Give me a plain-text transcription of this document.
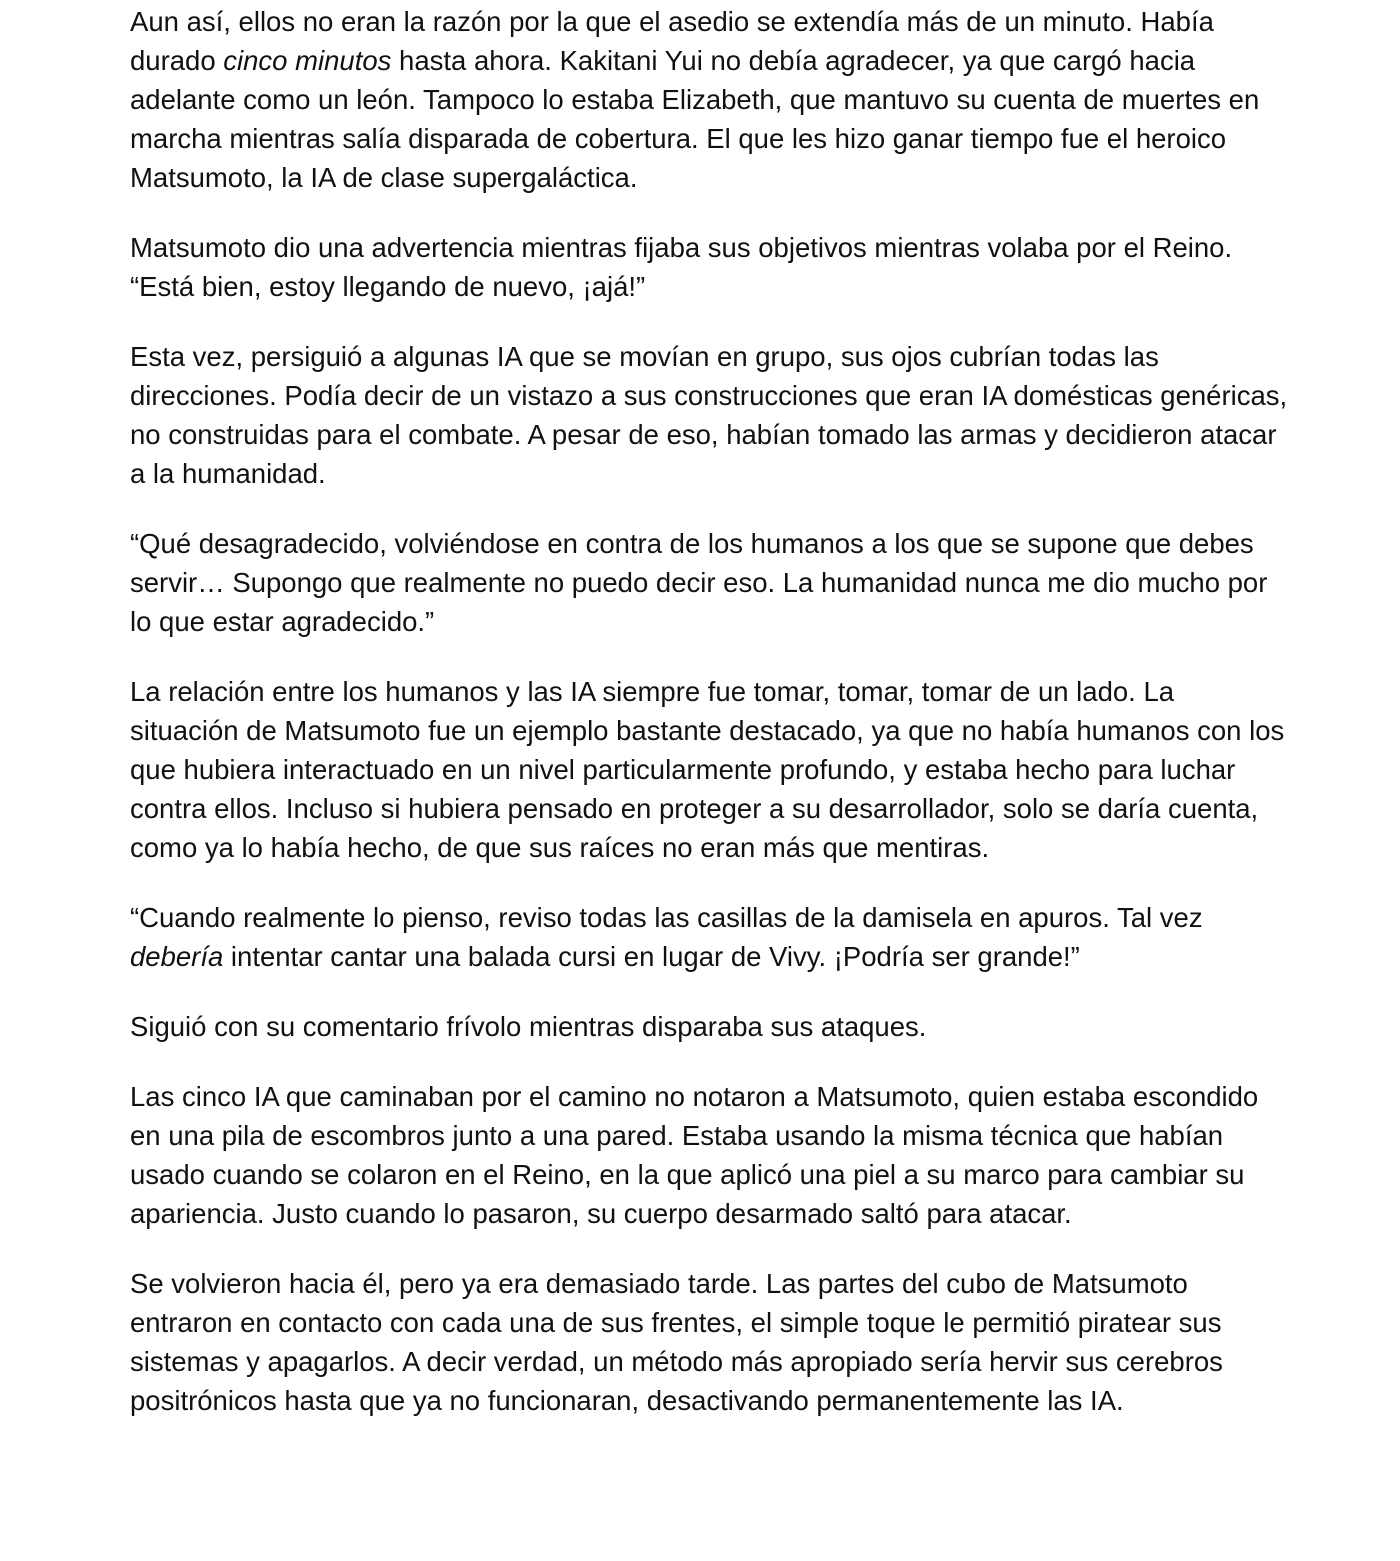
Aun así, ellos no eran la razón por la que el asedio se extendía más de un minuto. Había durado cinco minutos hasta ahora. Kakitani Yui no debía agradecer, ya que cargó hacia adelante como un león. Tampoco lo estaba Elizabeth, que mantuvo su cuenta de muertes en marcha mientras salía disparada de cobertura. El que les hizo ganar tiempo fue el heroico Matsumoto, la IA de clase supergaláctica.

Matsumoto dio una advertencia mientras fijaba sus objetivos mientras volaba por el Reino. “Está bien, estoy llegando de nuevo, ¡ajá!”

Esta vez, persiguió a algunas IA que se movían en grupo, sus ojos cubrían todas las direcciones. Podía decir de un vistazo a sus construcciones que eran IA domésticas genéricas, no construidas para el combate. A pesar de eso, habían tomado las armas y decidieron atacar a la humanidad.

“Qué desagradecido, volviéndose en contra de los humanos a los que se supone que debes servir… Supongo que realmente no puedo decir eso. La humanidad nunca me dio mucho por lo que estar agradecido.”

La relación entre los humanos y las IA siempre fue tomar, tomar, tomar de un lado. La situación de Matsumoto fue un ejemplo bastante destacado, ya que no había humanos con los que hubiera interactuado en un nivel particularmente profundo, y estaba hecho para luchar contra ellos. Incluso si hubiera pensado en proteger a su desarrollador, solo se daría cuenta, como ya lo había hecho, de que sus raíces no eran más que mentiras.

“Cuando realmente lo pienso, reviso todas las casillas de la damisela en apuros. Tal vez debería intentar cantar una balada cursi en lugar de Vivy. ¡Podría ser grande!”

Siguió con su comentario frívolo mientras disparaba sus ataques.

Las cinco IA que caminaban por el camino no notaron a Matsumoto, quien estaba escondido en una pila de escombros junto a una pared. Estaba usando la misma técnica que habían usado cuando se colaron en el Reino, en la que aplicó una piel a su marco para cambiar su apariencia. Justo cuando lo pasaron, su cuerpo desarmado saltó para atacar.

Se volvieron hacia él, pero ya era demasiado tarde. Las partes del cubo de Matsumoto entraron en contacto con cada una de sus frentes, el simple toque le permitió piratear sus sistemas y apagarlos. A decir verdad, un método más apropiado sería hervir sus cerebros positrónicos hasta que ya no funcionaran, desactivando permanentemente las IA.
